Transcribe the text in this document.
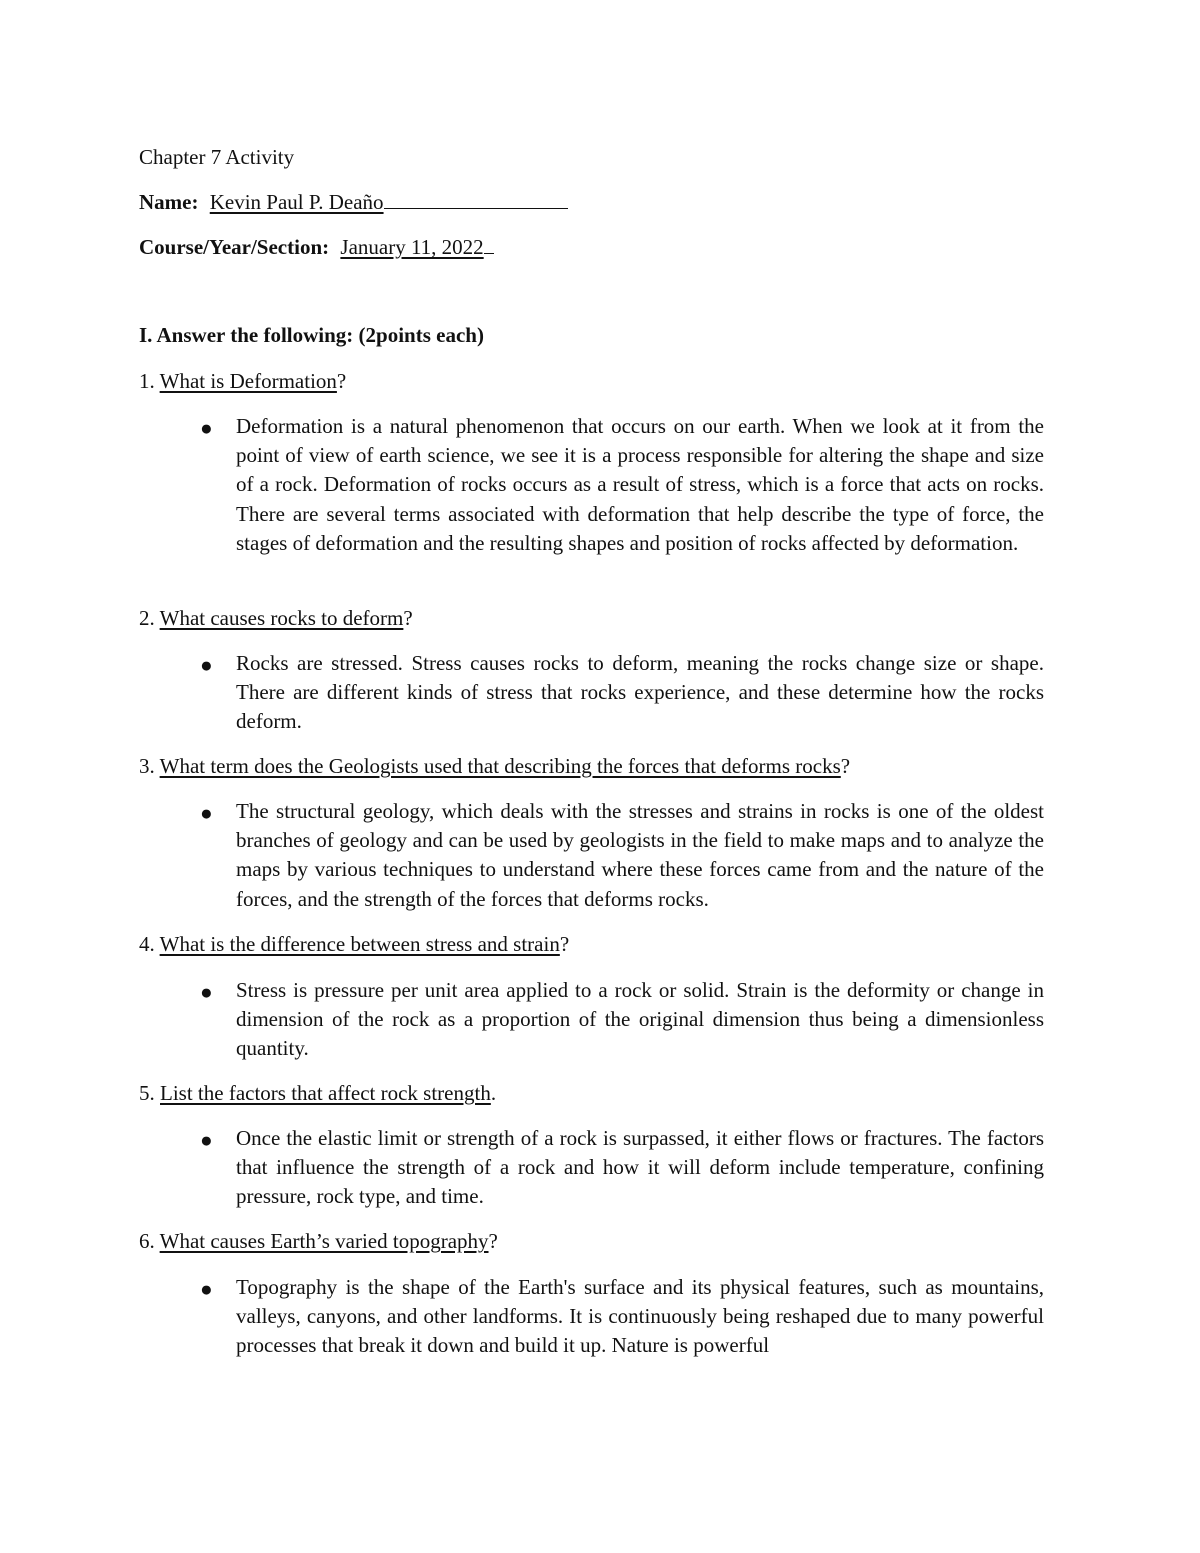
Chapter 7 Activity
Name: Kevin Paul P. Deaño
Course/Year/Section: January 11, 2022
I. Answer the following: (2points each)
1. What is Deformation?
● Deformation is a natural phenomenon that occurs on our earth. When we look at it from the point of view of earth science, we see it is a process responsible for altering the shape and size of a rock. Deformation of rocks occurs as a result of stress, which is a force that acts on rocks. There are several terms associated with deformation that help describe the type of force, the stages of deformation and the resulting shapes and position of rocks affected by deformation.
2. What causes rocks to deform?
● Rocks are stressed. Stress causes rocks to deform, meaning the rocks change size or shape. There are different kinds of stress that rocks experience, and these determine how the rocks deform.
3. What term does the Geologists used that describing the forces that deforms rocks?
● The structural geology, which deals with the stresses and strains in rocks is one of the oldest branches of geology and can be used by geologists in the field to make maps and to analyze the maps by various techniques to understand where these forces came from and the nature of the forces, and the strength of the forces that deforms rocks.
4. What is the difference between stress and strain?
● Stress is pressure per unit area applied to a rock or solid. Strain is the deformity or change in dimension of the rock as a proportion of the original dimension thus being a dimensionless quantity.
5. List the factors that affect rock strength.
● Once the elastic limit or strength of a rock is surpassed, it either flows or fractures. The factors that influence the strength of a rock and how it will deform include temperature, confining pressure, rock type, and time.
6. What causes Earth’s varied topography?
● Topography is the shape of the Earth's surface and its physical features, such as mountains, valleys, canyons, and other landforms. It is continuously being reshaped due to many powerful processes that break it down and build it up. Nature is powerful
